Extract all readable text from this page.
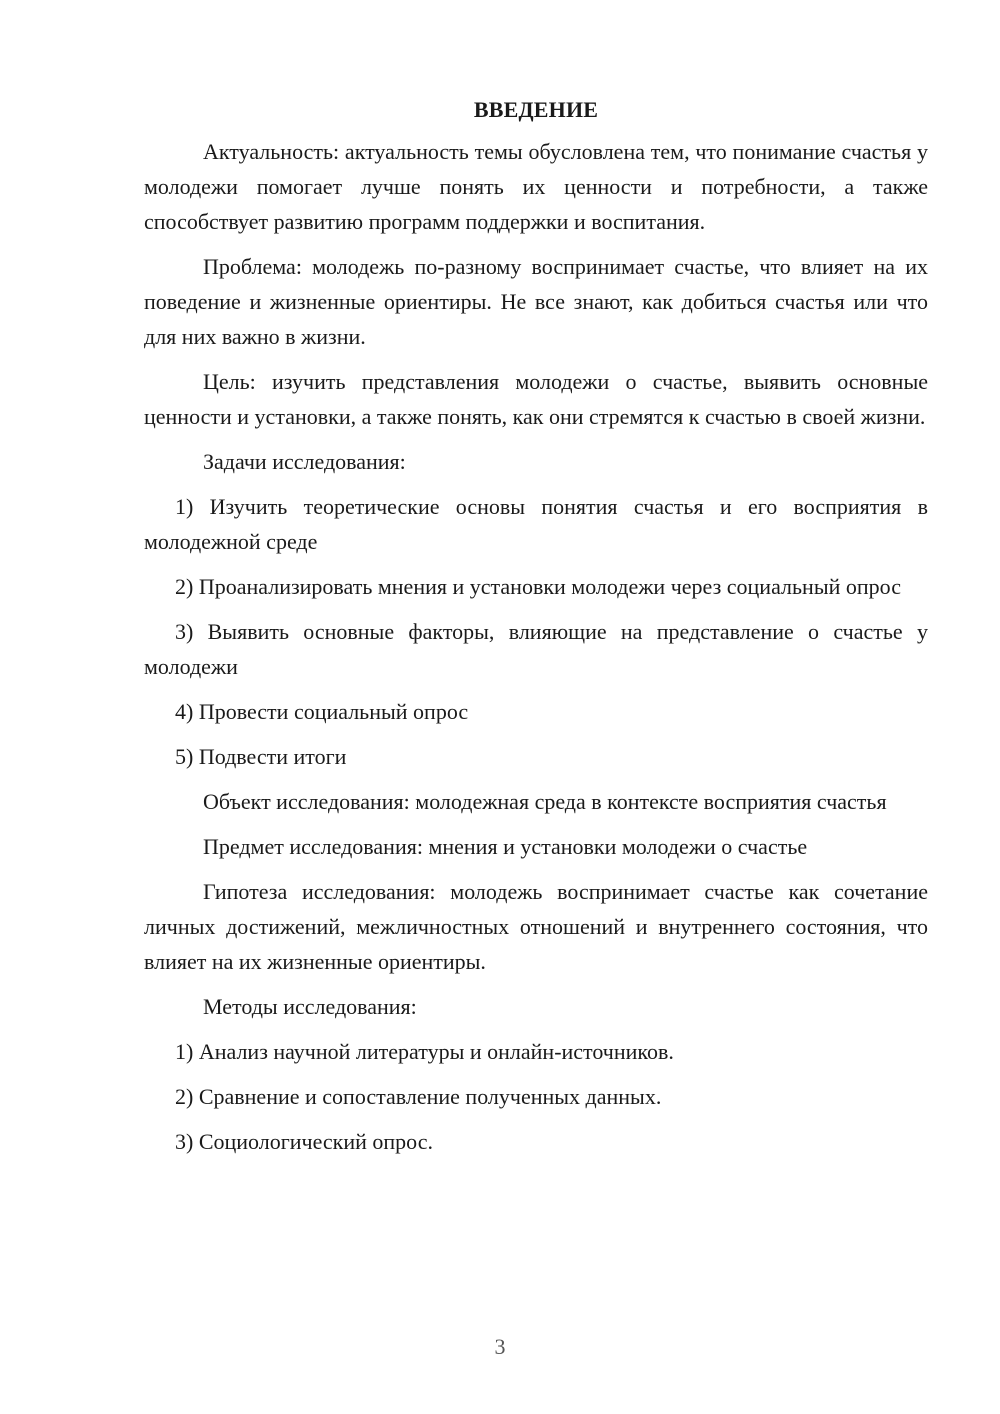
ВВЕДЕНИЕ

Актуальность: актуальность темы обусловлена тем, что понимание счастья у молодежи помогает лучше понять их ценности и потребности, а также способствует развитию программ поддержки и воспитания.

Проблема: молодежь по-разному воспринимает счастье, что влияет на их поведение и жизненные ориентиры. Не все знают, как добиться счастья или что для них важно в жизни.

Цель: изучить представления молодежи о счастье, выявить основные ценности и установки, а также понять, как они стремятся к счастью в своей жизни.

Задачи исследования:

1) Изучить теоретические основы понятия счастья и его восприятия в молодежной среде

2) Проанализировать мнения и установки молодежи через социальный опрос

3) Выявить основные факторы, влияющие на представление о счастье у молодежи

4) Провести социальный опрос

5) Подвести итоги

Объект исследования: молодежная среда в контексте восприятия счастья

Предмет исследования: мнения и установки молодежи о счастье

Гипотеза исследования: молодежь воспринимает счастье как сочетание личных достижений, межличностных отношений и внутреннего состояния, что влияет на их жизненные ориентиры.

Методы исследования:

1) Анализ научной литературы и онлайн-источников.

2) Сравнение и сопоставление полученных данных.

3) Социологический опрос.

3
